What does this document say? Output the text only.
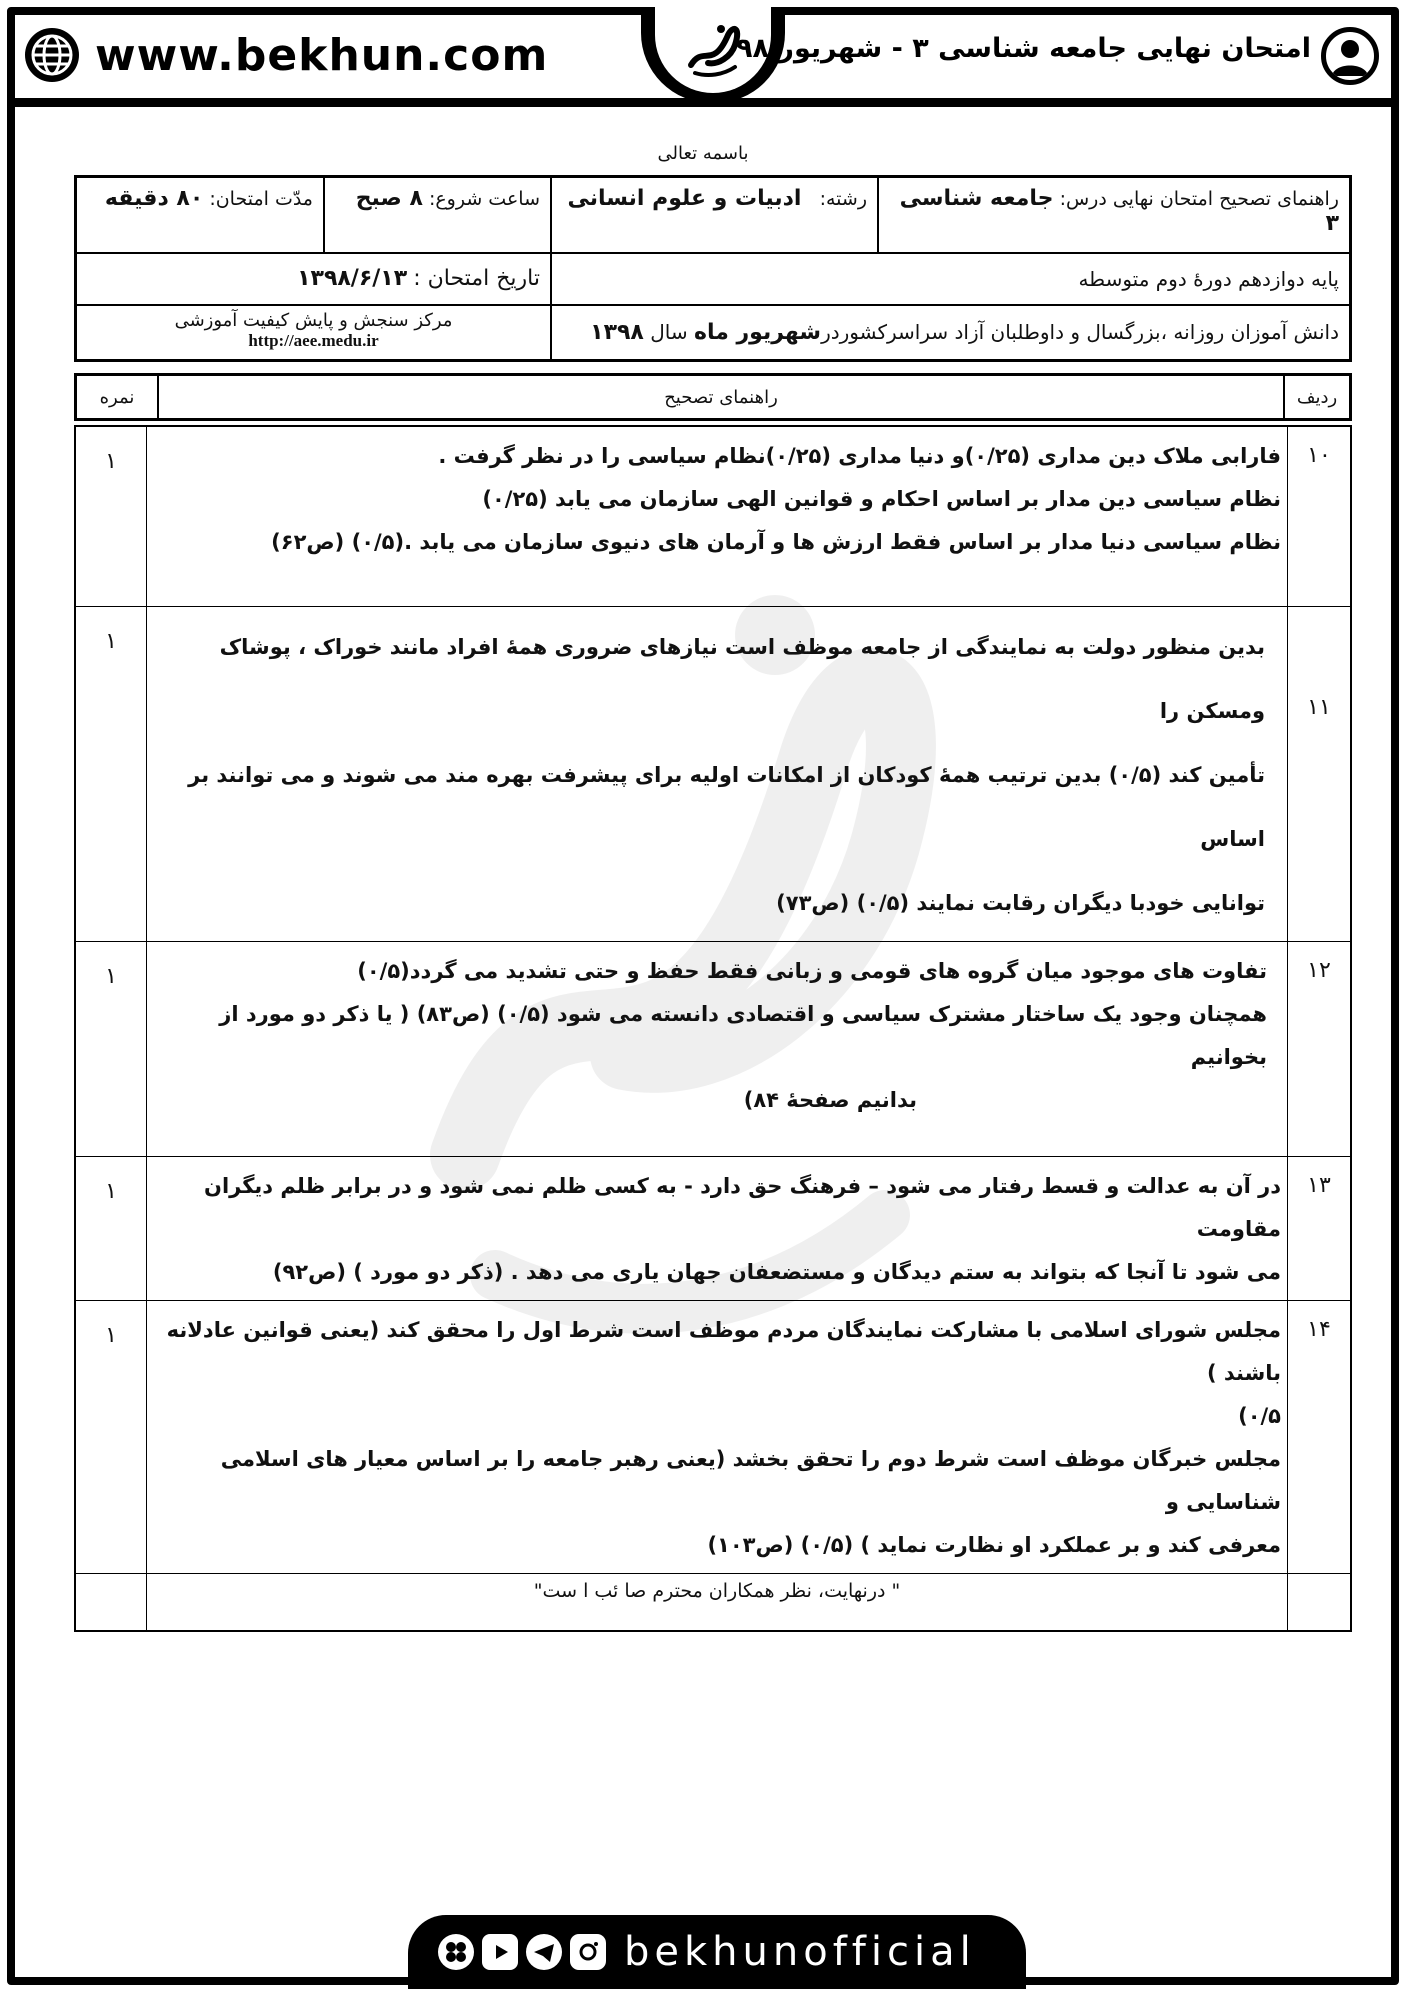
www.bekhun.com	امتحان نهایی جامعه شناسی ۳ - شهریور ۹۸
باسمه تعالی
راهنمای تصحیح امتحان نهایی درس: جامعه شناسی ۳	رشته:   ادبیات و علوم انسانی	ساعت شروع: ۸ صبح	مدّت امتحان: ۸۰ دقیقه
پایه دوازدهم دورهٔ دوم متوسطه		تاریخ امتحان : ۱۳۹۸/۶/۱۳	
دانش آموزان روزانه ،بزرگسال و داوطلبان آزاد سراسرکشوردرشهریور ماه سال ۱۳۹۸		مرکز سنجش و پایش کیفیت آموزشی
http://aee.medu.ir	
ردیف	راهنمای تصحیح	نمره
۱۰	فارابی ملاک دین مداری (۰/۲۵)و دنیا مداری (۰/۲۵)نظام سیاسی را در نظر گرفت .

نظام سیاسی دین مدار بر اساس احکام و قوانین الهی سازمان می یابد (۰/۲۵)

نظام سیاسی دنیا مدار بر اساس فقط ارزش ها و آرمان های دنیوی سازمان می یابد .(۰/۵) (ص۶۲)	۱
۱۱	بدین منظور دولت به نمایندگی از جامعه موظف است نیازهای ضروری همهٔ افراد مانند خوراک ، پوشاک ومسکن را

تأمین کند (۰/۵) بدین ترتیب همهٔ کودکان از امکانات اولیه برای پیشرفت بهره مند می شوند و می توانند بر اساس

توانایی خودبا دیگران رقابت نمایند (۰/۵) (ص۷۳)	۱
۱۲	تفاوت های موجود میان گروه های قومی و زبانی فقط حفظ و حتی تشدید می گردد(۰/۵)

همچنان وجود یک ساختار مشترک سیاسی و اقتصادی دانسته می شود (۰/۵) (ص۸۳) ( یا ذکر دو مورد از بخوانیم

بدانیم صفحهٔ ۸۴)	۱
۱۳	در آن به عدالت و قسط رفتار می شود – فرهنگ حق دارد - به کسی ظلم نمی شود و در برابر ظلم دیگران مقاومت

می شود تا آنجا که بتواند به ستم دیدگان و مستضعفان جهان یاری می دهد . (ذکر دو مورد ) (ص۹۲)	۱
۱۴	مجلس شورای اسلامی با مشارکت نمایندگان مردم موظف است شرط اول را محقق کند (یعنی قوانین عادلانه باشند )

۰/۵)

مجلس خبرگان موظف است شرط دوم را تحقق بخشد (یعنی رهبر جامعه را بر اساس معیار های اسلامی شناسایی و

معرفی کند و بر عملکرد او نظارت نماید ) (۰/۵) (ص۱۰۳)	۱
	" درنهایت، نظر همکاران محترم صا ئب ا ست"	
bekhunofficial
